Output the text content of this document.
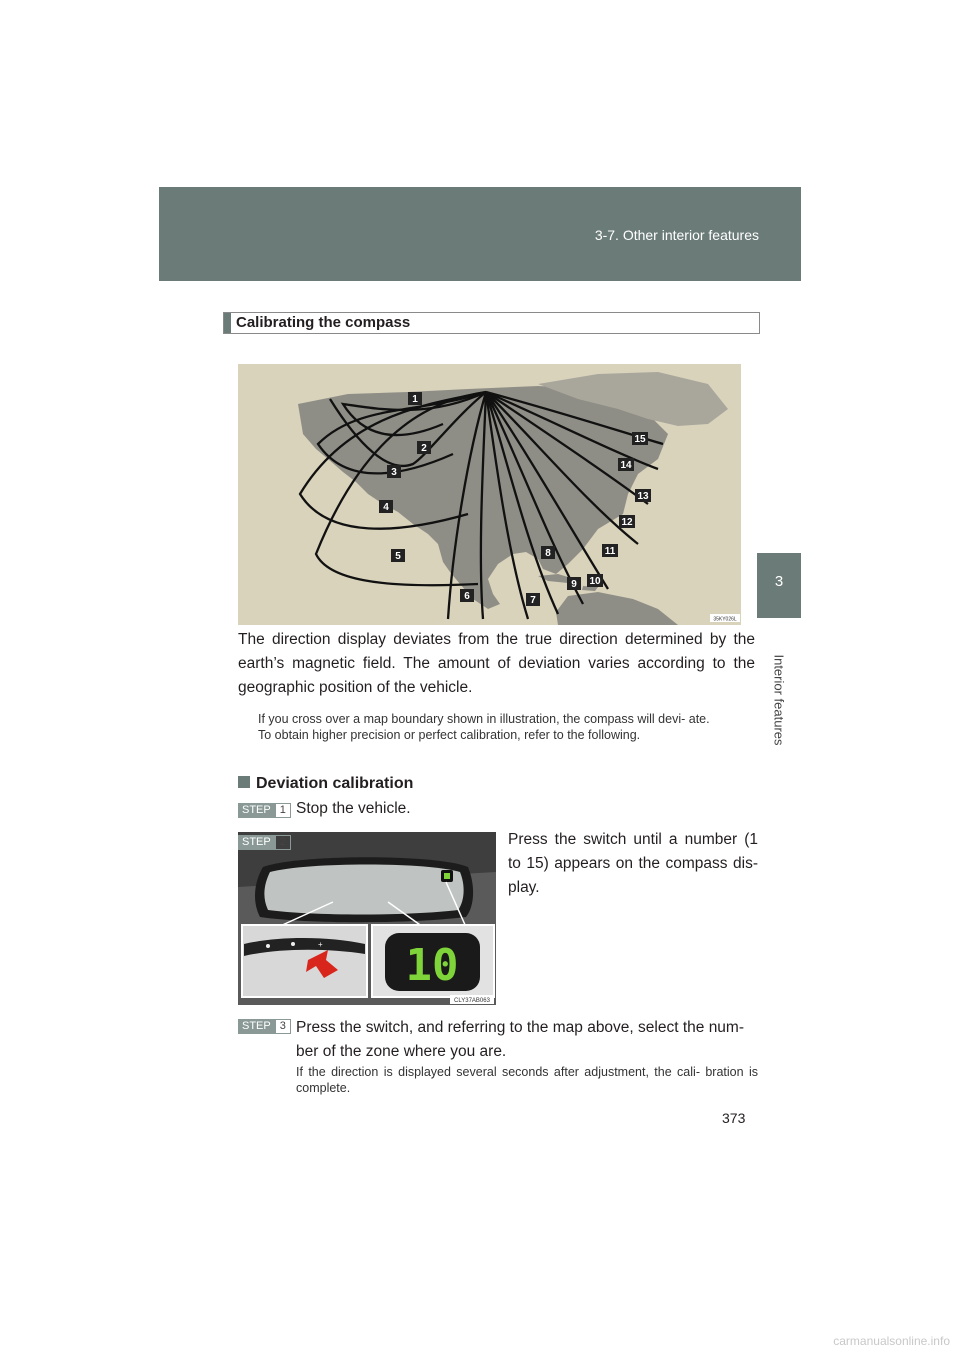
3-7. Other interior features
3
Interior features
Calibrating the compass
1
2
3
4
5
6	7
8
9 10
11
12
13
14
15
35KY026L
The direction display deviates from the true direction determined by the earth’s magnetic field. The amount of deviation varies according to the geographic position of the vehicle.
If you cross over a map boundary shown in illustration, the compass will devi- ate.
To obtain higher precision or perfect calibration, refer to the following.
Deviation calibration
STEP 1 Stop the vehicle.
+ 10
CLY37AB063
STEP 2	Press the switch until a number (1 to 15) appears on the compass dis- play.
STEP 3 Press the switch, and referring to the map above, select the num- ber of the zone where you are.
If the direction is displayed several seconds after adjustment, the cali- bration is complete.
373
carmanualsonline.info
